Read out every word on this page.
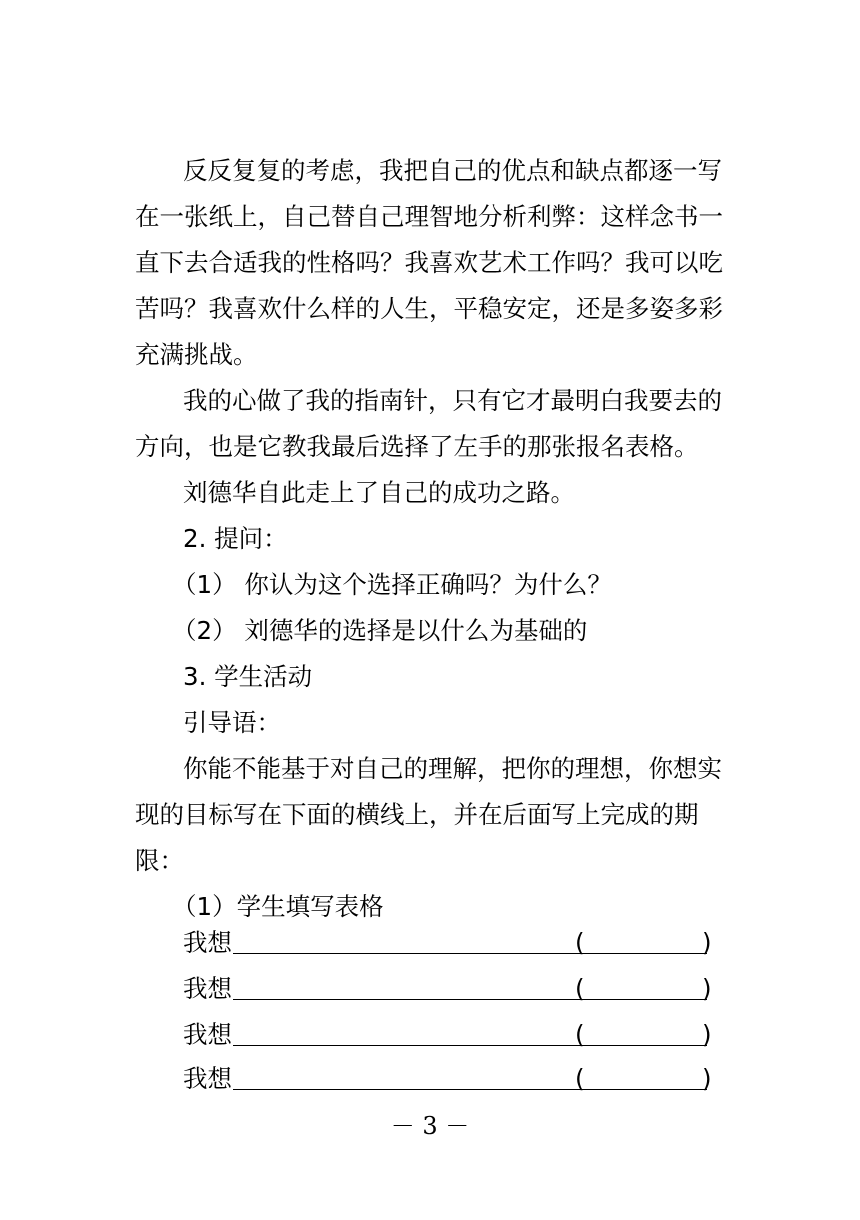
反反复复的考虑，我把自己的优点和缺点都逐一写
在一张纸上，自己替自己理智地分析利弊：这样念书一
直下去合适我的性格吗？我喜欢艺术工作吗？我可以吃
苦吗？我喜欢什么样的人生，平稳安定，还是多姿多彩
充满挑战。
我的心做了我的指南针，只有它才最明白我要去的
方向，也是它教我最后选择了左手的那张报名表格。
刘德华自此走上了自己的成功之路。
2. 提问：
（1） 你认为这个选择正确吗？为什么？
（2） 刘德华的选择是以什么为基础的
3. 学生活动
引导语：
你能不能基于对自己的理解，把你的理想，你想实
现的目标写在下面的横线上，并在后面写上完成的期
限：
（1）学生填写表格
我想	(	)
我想	(	)
我想	(	)
我想	(	)
－ 3 －
